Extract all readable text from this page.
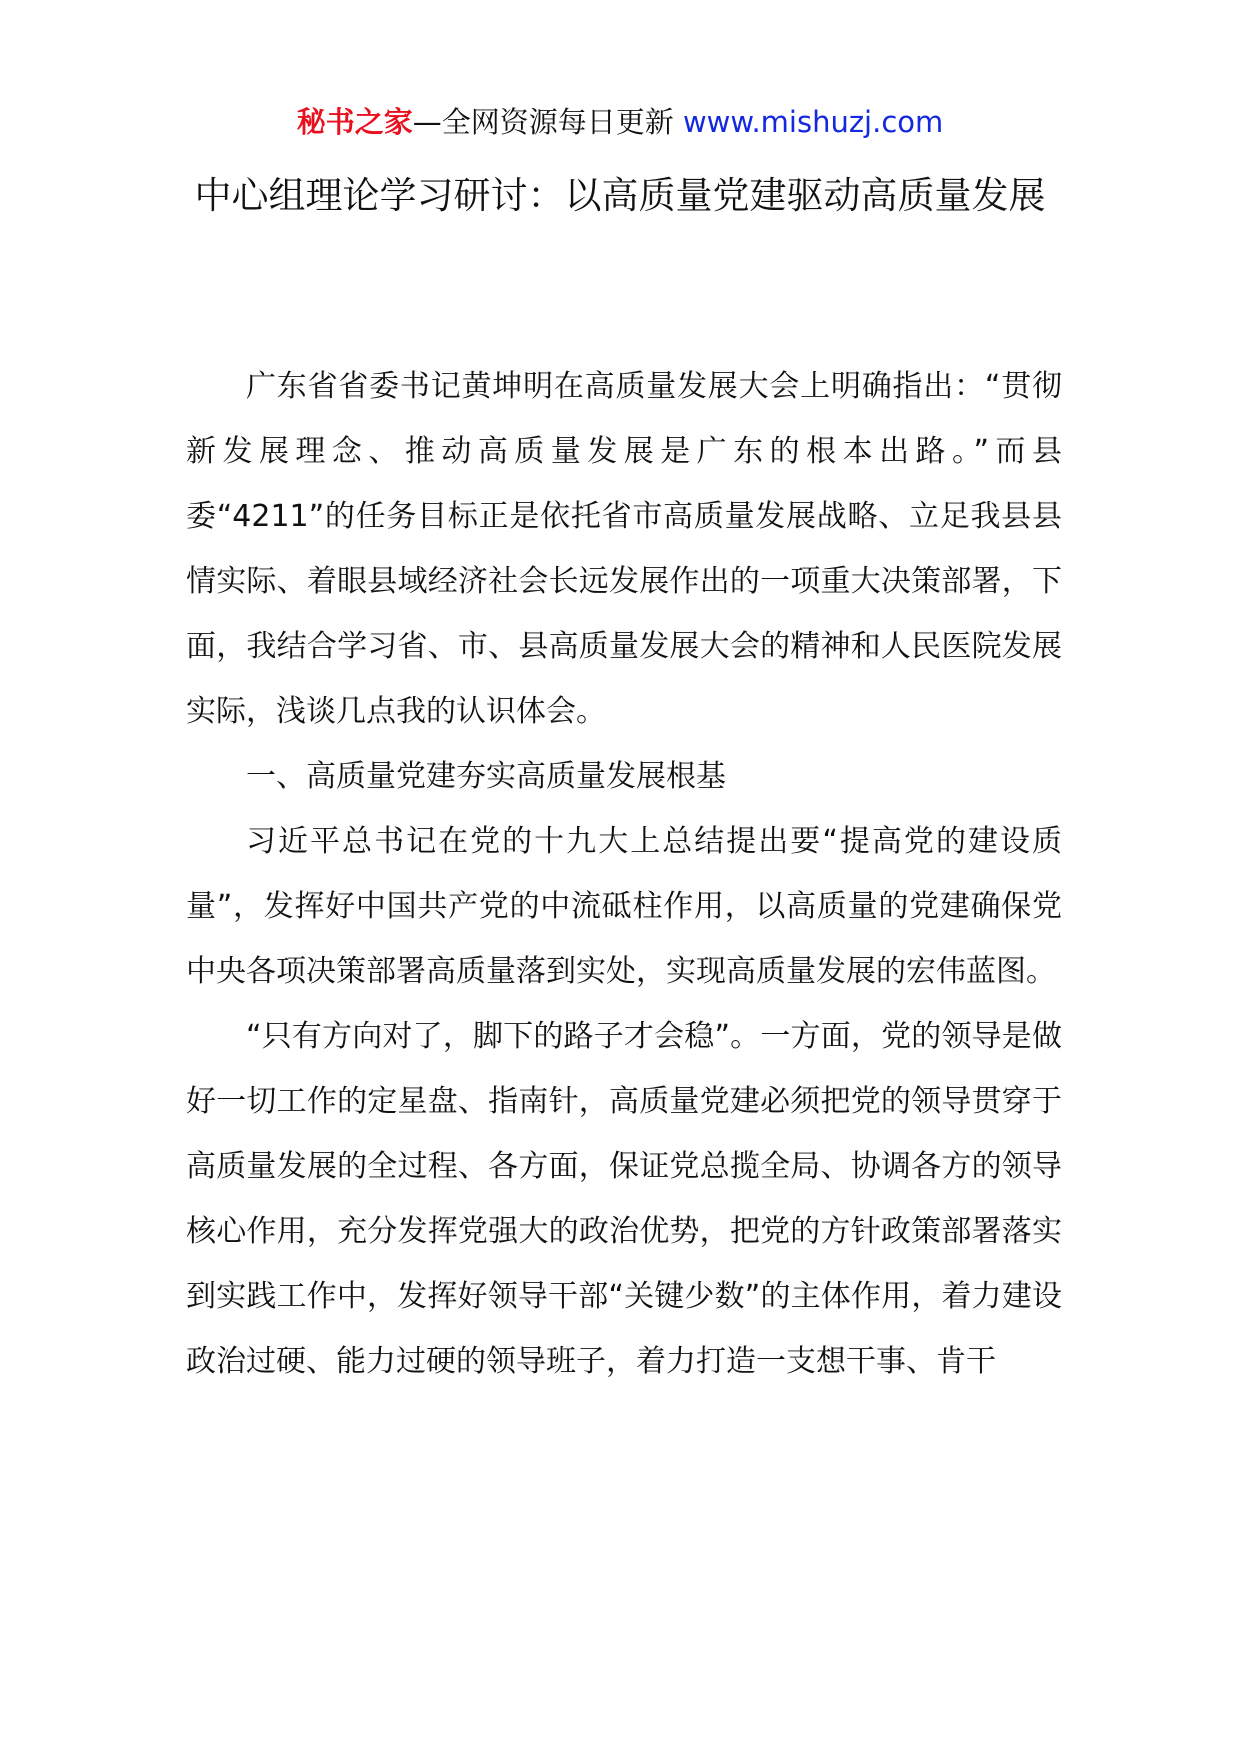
秘书之家—全网资源每日更新 www.mishuzj.com
中心组理论学习研讨：以高质量党建驱动高质量发展

广东省省委书记黄坤明在高质量发展大会上明确指出：“贯彻新发展理念、推动高质量发展是广东的根本出路。”而县委“4211”的任务目标正是依托省市高质量发展战略、立足我县县情实际、着眼县域经济社会长远发展作出的一项重大决策部署，下面，我结合学习省、市、县高质量发展大会的精神和人民医院发展实际，浅谈几点我的认识体会。

一、高质量党建夯实高质量发展根基

习近平总书记在党的十九大上总结提出要“提高党的建设质量”，发挥好中国共产党的中流砥柱作用，以高质量的党建确保党中央各项决策部署高质量落到实处，实现高质量发展的宏伟蓝图。

“只有方向对了，脚下的路子才会稳”。一方面，党的领导是做好一切工作的定星盘、指南针，高质量党建必须把党的领导贯穿于高质量发展的全过程、各方面，保证党总揽全局、协调各方的领导核心作用，充分发挥党强大的政治优势，把党的方针政策部署落实到实践工作中，发挥好领导干部“关键少数”的主体作用，着力建设政治过硬、能力过硬的领导班子，着力打造一支想干事、肯干
